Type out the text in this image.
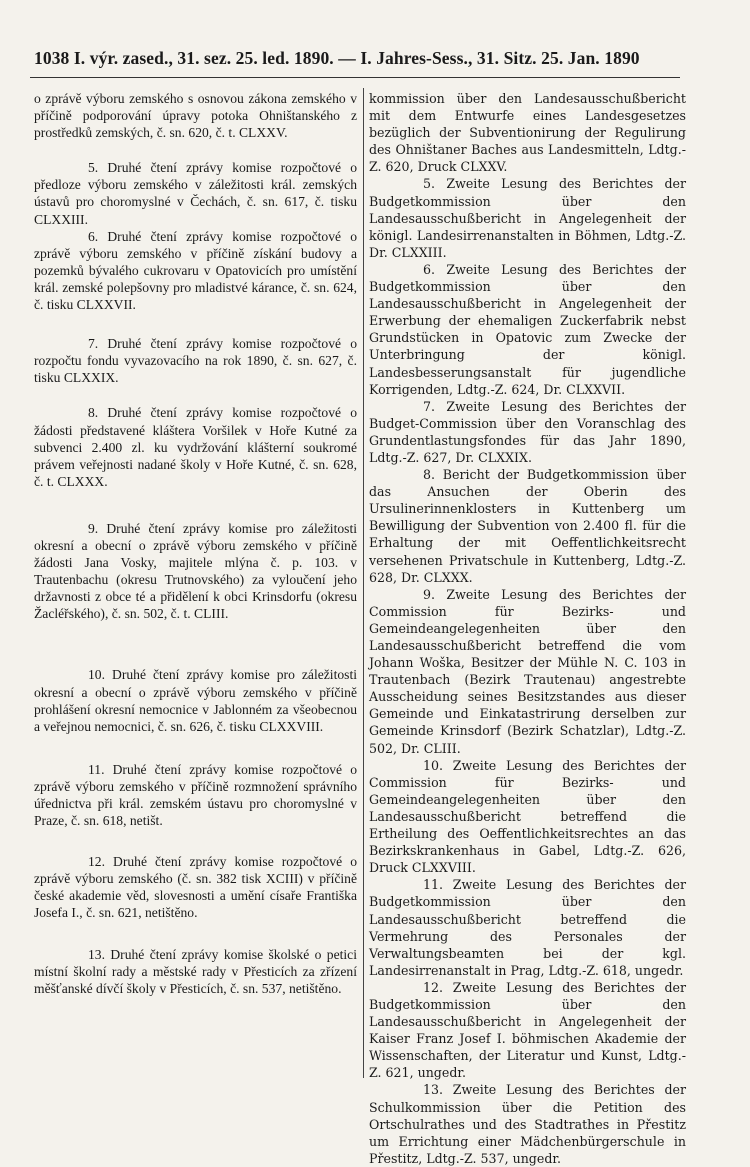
1038 I. výr. zased., 31. sez. 25. led. 1890. — I. Jahres-Sess., 31. Sitz. 25. Jan. 1890

o zprávě výboru zemského s osnovou zákona zemského v příčině podporování úpravy potoka Ohništanského z prostředků zemských, č. sn. 620, č. t. CLXXV.

5. Druhé čtení zprávy komise rozpočtové o předloze výboru zemského v záležitosti král. zemských ústavů pro choromyslné v Čechách, č. sn. 617, č. tisku CLXXIII.

6. Druhé čtení zprávy komise rozpočtové o zprávě výboru zemského v příčině získání budovy a pozemků bývalého cukrovaru v Opatovicích pro umístění král. zemské polepšovny pro mladistvé kárance, č. sn. 624, č. tisku CLXXVII.

7. Druhé čtení zprávy komise rozpočtové o rozpočtu fondu vyvazovacího na rok 1890, č. sn. 627, č. tisku CLXXIX.

8. Druhé čtení zprávy komise rozpočtové o žádosti představené kláštera Voršilek v Hoře Kutné za subvenci 2.400 zl. ku vydržování klášterní soukromé právem veřejnosti nadané školy v Hoře Kutné, č. sn. 628, č. t. CLXXX.

9. Druhé čtení zprávy komise pro záležitosti okresní a obecní o zprávě výboru zemského v příčině žádosti Jana Vosky, majitele mlýna č. p. 103. v Trautenbachu (okresu Trutnovského) za vyloučení jeho državnosti z obce té a přidělení k obci Krinsdorfu (okresu Žacléřského), č. sn. 502, č. t. CLIII.

10. Druhé čtení zprávy komise pro záležitosti okresní a obecní o zprávě výboru zemského v příčině prohlášení okresní nemocnice v Jablonném za všeobecnou a veřejnou nemocnici, č. sn. 626, č. tisku CLXXVIII.

11. Druhé čtení zprávy komise rozpočtové o zprávě výboru zemského v příčině rozmnožení správního úřednictva při král. zemském ústavu pro choromyslné v Praze, č. sn. 618, netišt.

12. Druhé čtení zprávy komise rozpočtové o zprávě výboru zemského (č. sn. 382 tisk XCIII) v příčině české akademie věd, slovesnosti a umění císaře Františka Josefa I., č. sn. 621, netištěno.

13. Druhé čtení zprávy komise školské o petici místní školní rady a městské rady v Přesticích za zřízení měšťanské dívčí školy v Přesticích, č. sn. 537, netištěno.

kommission über den Landesausschußbericht mit dem Entwurfe eines Landesgesetzes bezüglich der Subventionirung der Regulirung des Ohništaner Baches aus Landesmitteln, Ldtg.-Z. 620, Druck CLXXV.

5. Zweite Lesung des Berichtes der Budgetkommission über den Landesausschußbericht in Angelegenheit der königl. Landesirrenanstalten in Böhmen, Ldtg.-Z. Dr. CLXXIII.

6. Zweite Lesung des Berichtes der Budgetkommission über den Landesausschußbericht in Angelegenheit der Erwerbung der ehemaligen Zuckerfabrik nebst Grundstücken in Opatovic zum Zwecke der Unterbringung der königl. Landesbesserungsanstalt für jugendliche Korrigenden, Ldtg.-Z. 624, Dr. CLXXVII.

7. Zweite Lesung des Berichtes der Budget-Commission über den Voranschlag des Grundentlastungsfondes für das Jahr 1890, Ldtg.-Z. 627, Dr. CLXXIX.

8. Bericht der Budgetkommission über das Ansuchen der Oberin des Ursulinerinnenklosters in Kuttenberg um Bewilligung der Subvention von 2.400 fl. für die Erhaltung der mit Oeffentlichkeitsrecht versehenen Privatschule in Kuttenberg, Ldtg.-Z. 628, Dr. CLXXX.

9. Zweite Lesung des Berichtes der Commission für Bezirks- und Gemeindeangelegenheiten über den Landesausschußbericht betreffend die vom Johann Woška, Besitzer der Mühle N. C. 103 in Trautenbach (Bezirk Trautenau) angestrebte Ausscheidung seines Besitzstandes aus dieser Gemeinde und Einkatastrirung derselben zur Gemeinde Krinsdorf (Bezirk Schatzlar), Ldtg.-Z. 502, Dr. CLIII.

10. Zweite Lesung des Berichtes der Commission für Bezirks- und Gemeindeangelegenheiten über den Landesausschußbericht betreffend die Ertheilung des Oeffentlichkeitsrechtes an das Bezirkskrankenhaus in Gabel, Ldtg.-Z. 626, Druck CLXXVIII.

11. Zweite Lesung des Berichtes der Budgetkommission über den Landesausschußbericht betreffend die Vermehrung des Personales der Verwaltungsbeamten bei der kgl. Landesirrenanstalt in Prag, Ldtg.-Z. 618, ungedr.

12. Zweite Lesung des Berichtes der Budgetkommission über den Landesausschußbericht in Angelegenheit der Kaiser Franz Josef I. böhmischen Akademie der Wissenschaften, der Literatur und Kunst, Ldtg.-Z. 621, ungedr.

13. Zweite Lesung des Berichtes der Schulkommission über die Petition des Ortschulrathes und des Stadtrathes in Přestitz um Errichtung einer Mädchenbürgerschule in Přestitz, Ldtg.-Z. 537, ungedr.
